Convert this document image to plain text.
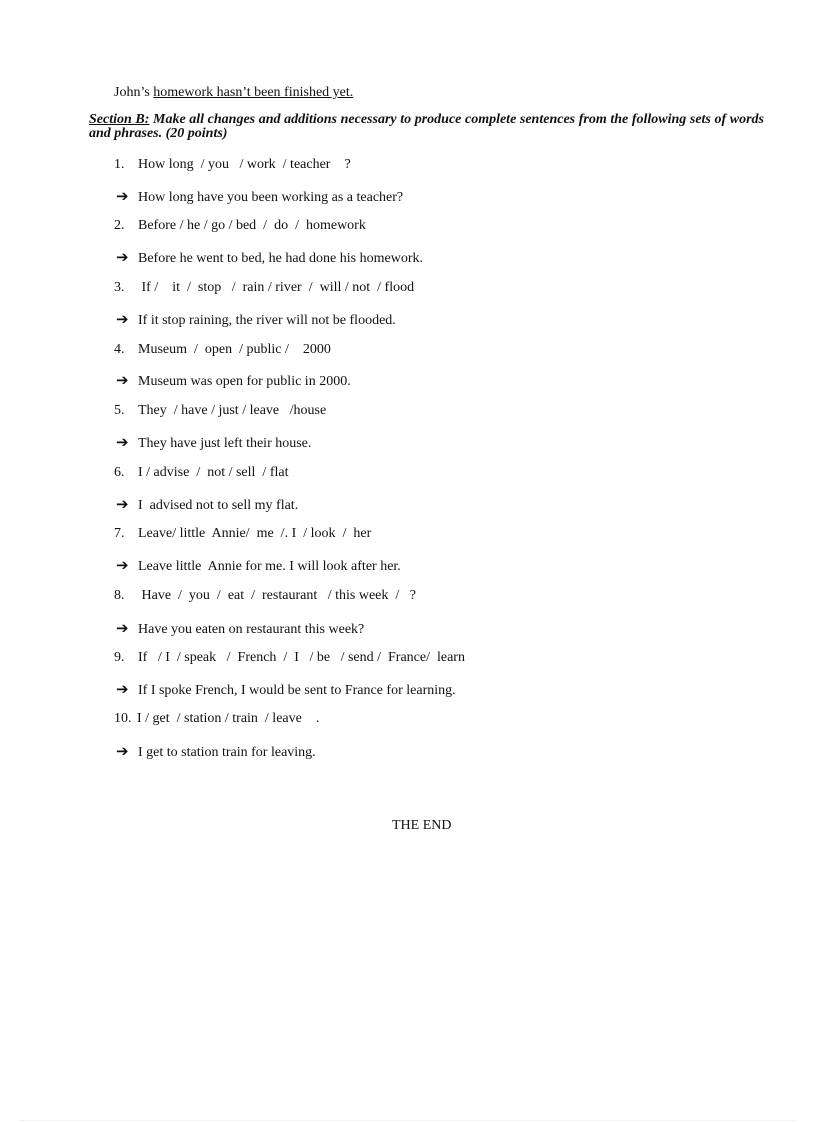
John’s homework hasn’t been finished yet.
Section B: Make all changes and additions necessary to produce complete sentences from the following sets of words and phrases. (20 points)
1. How long  / you   / work  / teacher    ?
➔ How long have you been working as a teacher?
2. Before / he / go / bed  /  do  /  homework
➔ Before he went to bed, he had done his homework.
3. If /    it  /  stop   /  rain / river  /  will / not  / flood
➔ If it stop raining, the river will not be flooded.
4. Museum  /  open  / public /    2000
➔ Museum was open for public in 2000.
5. They  / have / just / leave   /house
➔ They have just left their house.
6. I / advise  /  not / sell  / flat
➔ I  advised not to sell my flat.
7. Leave/ little  Annie/  me  /. I  / look  /  her
➔ Leave little  Annie for me. I will look after her.
8. Have  /  you  /  eat  /  restaurant   / this week  /   ?
➔ Have you eaten on restaurant this week?
9. If   / I  / speak   /  French  /  I   / be   / send /  France/  learn
➔ If I spoke French, I would be sent to France for learning.
10. I / get  / station / train  / leave    .
➔ I get to station train for leaving.
THE END
